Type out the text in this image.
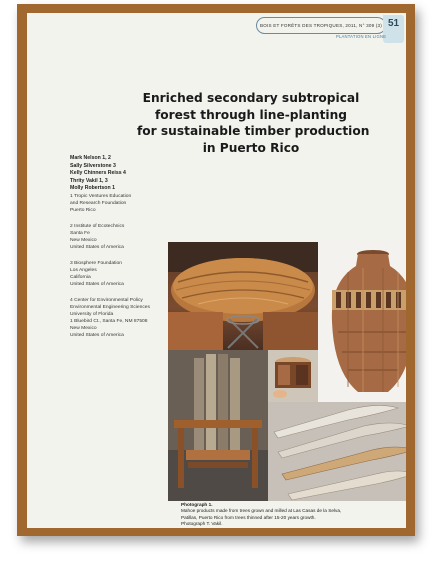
BOIS ET FORÊTS DES TROPIQUES, 2011, N° 309 (3) 51
PLANTATION EN LIGNE
Enriched secondary subtropical
forest through line-planting
for sustainable timber production
in Puerto Rico
Mark Nelson 1, 2
Sally Silverstone 3
Kelly Chinners Reiss 4
Thrity Vakil 1, 3
Molly Robertson 1
1 Tropic Ventures Education
and Research Foundation
Puerto Rico
2 Institute of Ecotechnics
Santa Fe
New Mexico
United States of America
3 Biosphere Foundation
Los Angeles
California
United States of America
4 Center for Environmental Policy
Environmental Engineering Sciences
University of Florida
1 Bluebird Ct., Santa Fe, NM 87508
New Mexico
United States of America
Photograph 1.
Mahoe products made from trees grown and milled at Las Casas de la Selva,
Patillas, Puerto Rico from trees thinned after 15-20 years growth.
Photograph T. Vakil.
